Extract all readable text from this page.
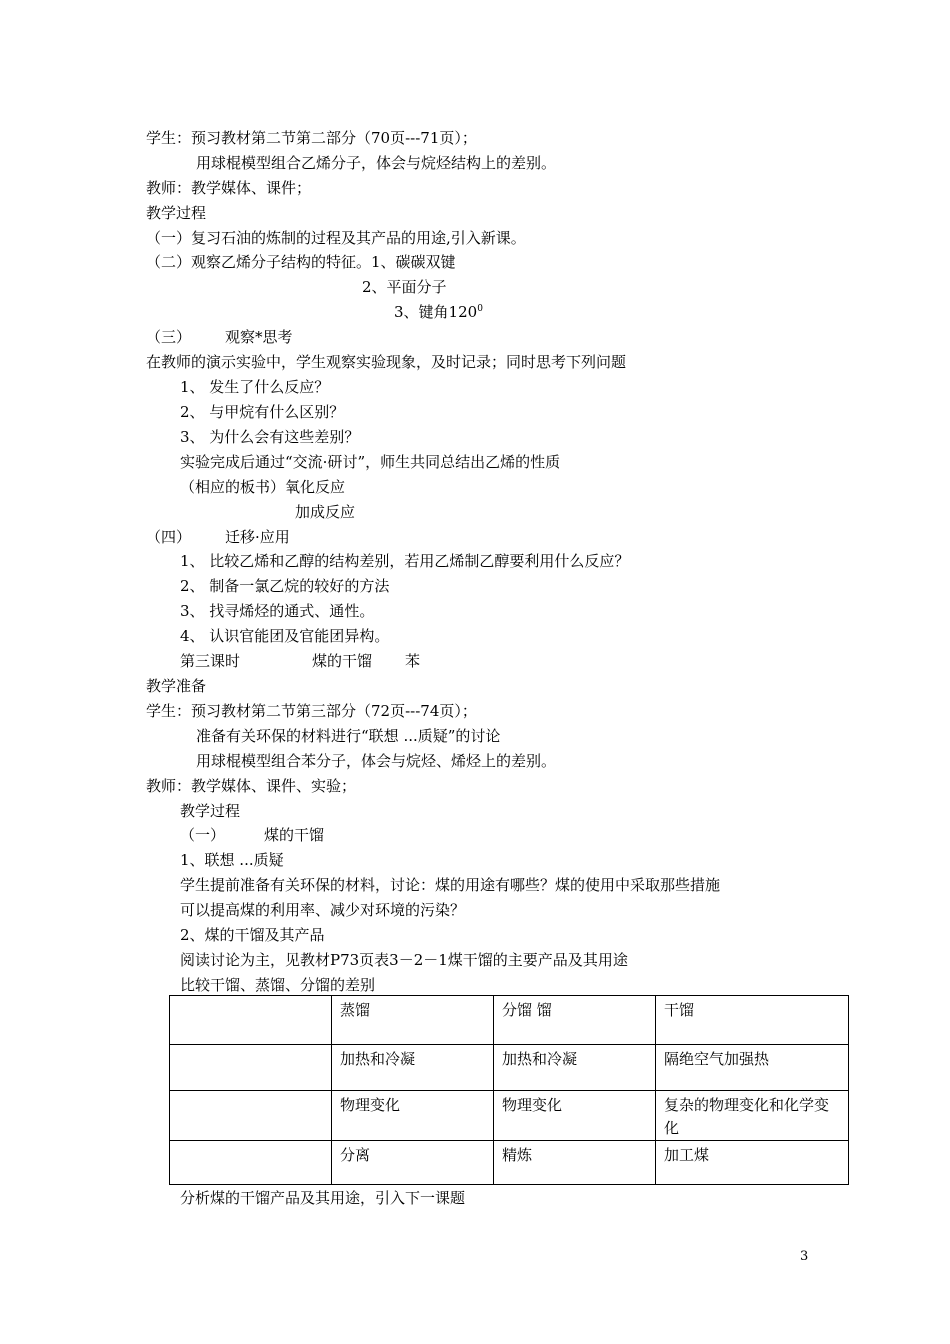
学生：预习教材第二节第二部分（70页---71页）；
用球棍模型组合乙烯分子，体会与烷烃结构上的差别。
教师：教学媒体、课件；
教学过程
（一）复习石油的炼制的过程及其产品的用途,引入新课。
（二）观察乙烯分子结构的特征。1、碳碳双键
2、平面分子
3、键角$120^0$
（三） 观察*思考
在教师的演示实验中，学生观察实验现象，及时记录；同时思考下列问题
1、 发生了什么反应？
2、 与甲烷有什么区别？
3、 为什么会有这些差别？
实验完成后通过“交流·研讨”，师生共同总结出乙烯的性质
（相应的板书）氧化反应
加成反应
（四） 迁移·应用
1、 比较乙烯和乙醇的结构差别，若用乙烯制乙醇要利用什么反应？
2、 制备一氯乙烷的较好的方法
3、 找寻烯烃的通式、通性。
4、 认识官能团及官能团异构。
第三课时	煤的干馏 苯
教学准备
学生：预习教材第二节第三部分（72页---74页）；
准备有关环保的材料进行“联想 ...质疑”的讨论
用球棍模型组合苯分子，体会与烷烃、烯烃上的差别。
教师：教学媒体、课件、实验；
教学过程
（一）	煤的干馏
1、联想 ...质疑
学生提前准备有关环保的材料，讨论：煤的用途有哪些？煤的使用中采取那些措施
可以提高煤的利用率、减少对环境的污染？
2、煤的干馏及其产品
阅读讨论为主，见教材P73页表3－2－1煤干馏的主要产品及其用途
比较干馏、蒸馏、分馏的差别
	蒸馏	分馏 馏	干馏
	加热和冷凝	加热和冷凝	隔绝空气加强热
	物理变化	物理变化	复杂的物理变化和化学变化
	分离	精炼	加工煤
分析煤的干馏产品及其用途，引入下一课题
3
